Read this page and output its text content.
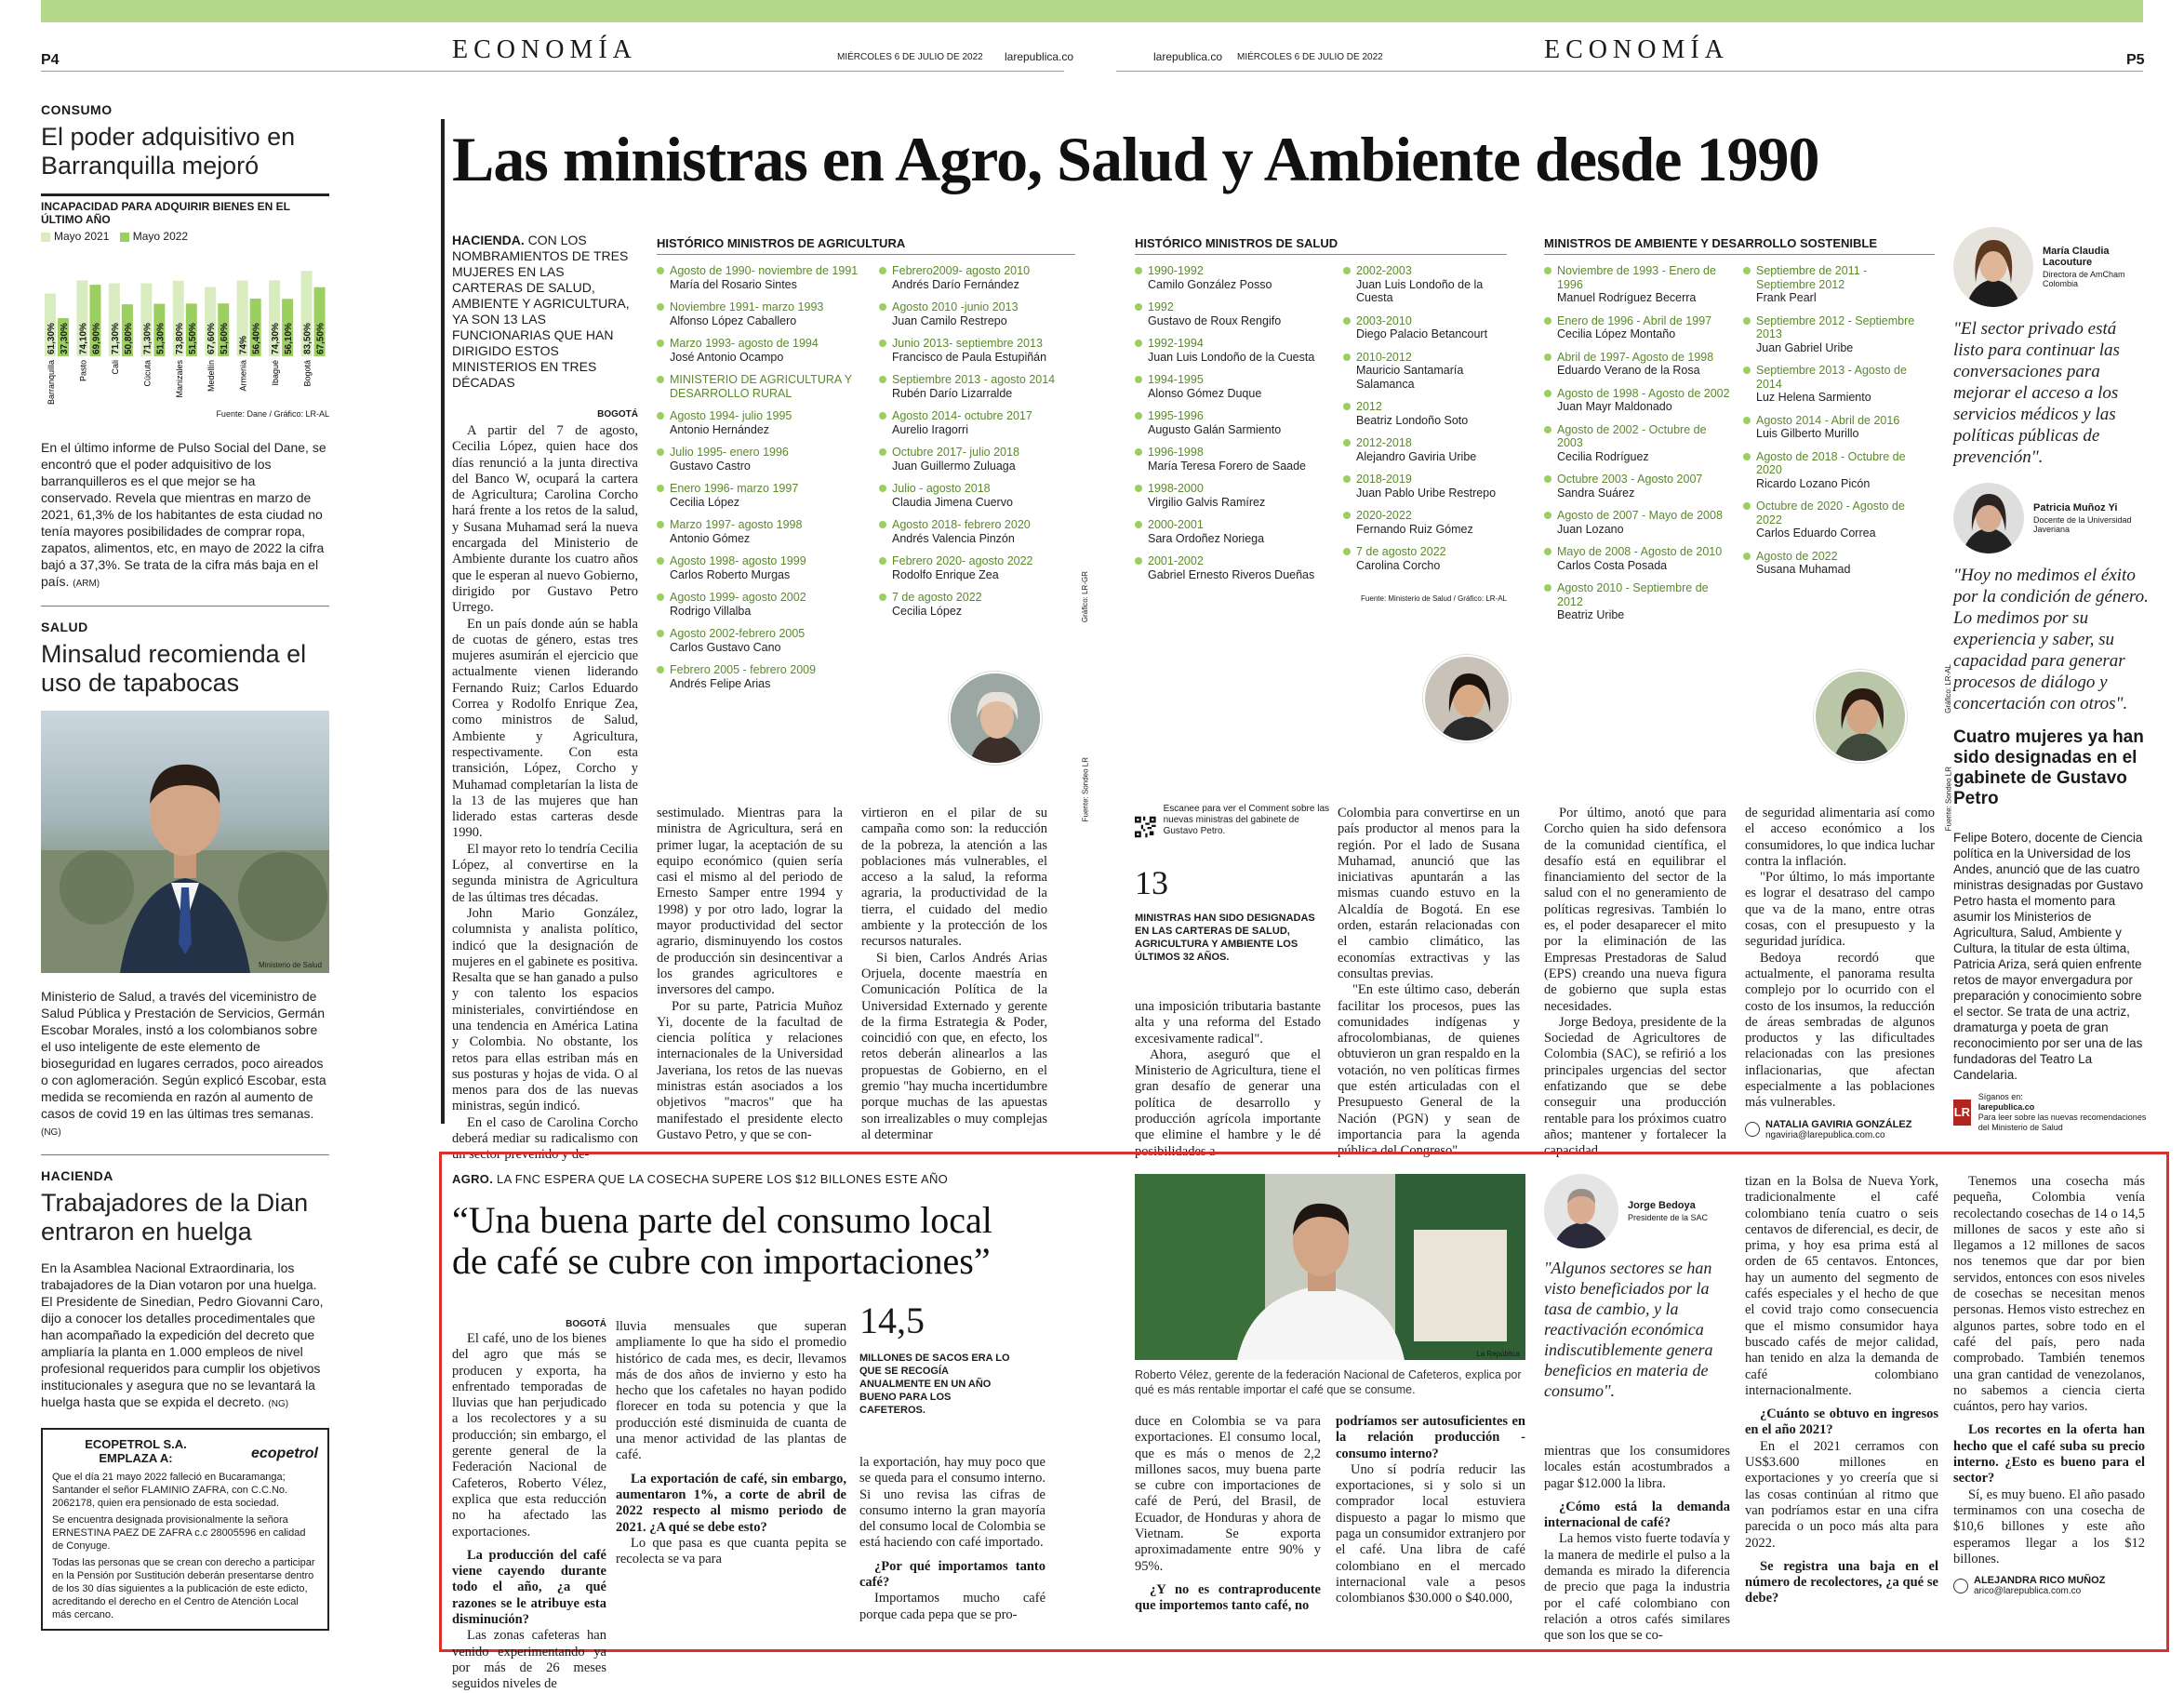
P4	ECONOMÍA	MIÉRCOLES 6 DE JULIO DE 2022 larepublica.co	larepublica.co MIÉRCOLES 6 DE JULIO DE 2022	ECONOMÍA	P5
CONSUMO
El poder adquisitivo en Barranquilla mejoró
INCAPACIDAD PARA ADQUIRIR BIENES EN EL ÚLTIMO AÑO
Mayo 2021 Mayo 2022
61,30% 37,30%
Barranquilla
74,10% 69,90%
Pasto
71,30% 50,80%
Cali
71,30% 51,30%
Cúcuta
73,80% 51,50%
Manizales
67,60% 51,60%
Medellín
74% 56,40%
Armenia
74,30% 56,10%
Ibagué
83,50% 67,50%
Bogotá
Fuente: Dane / Gráfico: LR-AL
En el último informe de Pulso Social del Dane, se encontró que el poder adquisitivo de los barranquilleros es el que mejor se ha conservado. Revela que mientras en marzo de 2021, 61,3% de los habitantes de esta ciudad no tenía mayores posibilidades de comprar ropa, zapatos, alimentos, etc, en mayo de 2022 la cifra bajó a 37,3%. Se trata de la cifra más baja en el país. (ARM)
SALUD
Minsalud recomienda el uso de tapabocas
Ministerio de Salud
Ministerio de Salud, a través del viceministro de Salud Pública y Prestación de Servicios, Germán Escobar Morales, instó a los colombianos sobre el uso inteligente de este elemento de bioseguridad en lugares cerrados, poco aireados o con aglomeración. Según explicó Escobar, esta medida se recomienda en razón al aumento de casos de covid 19 en las últimas tres semanas. (NG)
HACIENDA
Trabajadores de la Dian entraron en huelga
En la Asamblea Nacional Extraordinaria, los trabajadores de la Dian votaron por una huelga. El Presidente de Sinedian, Pedro Giovanni Caro, dijo a conocer los detalles procedimentales que han acompañado la expedición del decreto que ampliaría la planta en 1.000 empleos de nivel profesional requeridos para cumplir los objetivos institucionales y asegura que no se levantará la huelga hasta que se expida el decreto. (NG)
ECOPETROL S.A.
EMPLAZA A:	ecopetrol

Que el día 21 mayo 2022 falleció en Bucaramanga; Santander el señor FLAMINIO ZAFRA, con C.C.No. 2062178, quien era pensionado de esta sociedad.

Se encuentra designada provisionalmente la señora ERNESTINA PAEZ DE ZAFRA c.c 28005596 en calidad de Conyuge.

Todas las personas que se crean con derecho a participar en la Pensión por Sustitución deberán presentarse dentro de los 30 días siguientes a la publicación de este edicto, acreditando el derecho en el Centro de Atención Local más cercano.

Las ministras en Agro, Salud y Ambiente desde 1990
HACIENDA. CON LOS NOMBRAMIENTOS DE TRES MUJERES EN LAS CARTERAS DE SALUD, AMBIENTE Y AGRICULTURA, YA SON 13 LAS FUNCIONARIAS QUE HAN DIRIGIDO ESTOS MINISTERIOS EN TRES DÉCADAS
BOGOTÁ

A partir del 7 de agosto, Cecilia López, quien hace dos días renunció a la junta directiva del Banco W, ocupará la cartera de Agricultura; Carolina Corcho hará frente a los retos de la salud, y Susana Muhamad será la nueva encargada del Ministerio de Ambiente durante los cuatro años que le esperan al nuevo Gobierno, dirigido por Gustavo Petro Urrego.

En un país donde aún se habla de cuotas de género, estas tres mujeres asumirán el ejercicio que actualmente vienen liderando Fernando Ruiz; Carlos Eduardo Correa y Rodolfo Enrique Zea, como ministros de Salud, Ambiente y Agricultura, respectivamente. Con esta transición, López, Corcho y Muhamad completarían la lista de la 13 de las mujeres que han liderado estas carteras desde 1990.

El mayor reto lo tendría Cecilia López, al convertirse en la segunda ministra de Agricultura de las últimas tres décadas.

John Mario González, columnista y analista político, indicó que la designación de mujeres en el gabinete es positiva. Resalta que se han ganado a pulso y con talento los espacios ministeriales, convirtiéndose en una tendencia en América Latina y Colombia. No obstante, los retos para ellas estriban más en sus posturas y hojas de vida. O al menos para dos de las nuevas ministras, según indicó.

En el caso de Carolina Corcho deberá mediar su radicalismo con un sector prevenido y de-

HISTÓRICO MINISTROS DE AGRICULTURA
Agosto de 1990- noviembre de 1991
María del Rosario Sintes
Noviembre 1991- marzo 1993
Alfonso López Caballero
Marzo 1993- agosto de 1994
José Antonio Ocampo
MINISTERIO DE AGRICULTURA Y DESARROLLO RURAL
Agosto 1994- julio 1995
Antonio Hernández
Julio 1995- enero 1996
Gustavo Castro
Enero 1996- marzo 1997
Cecilia López
Marzo 1997- agosto 1998
Antonio Gómez
Agosto 1998- agosto 1999
Carlos Roberto Murgas
Agosto 1999- agosto 2002
Rodrigo Villalba
Agosto 2002-febrero 2005
Carlos Gustavo Cano
Febrero 2005 - febrero 2009
Andrés Felipe Arias
Febrero2009- agosto 2010
Andrés Darío Fernández
Agosto 2010 -junio 2013
Juan Camilo Restrepo
Junio 2013- septiembre 2013
Francisco de Paula Estupiñán
Septiembre 2013 - agosto 2014
Rubén Darío Lizarralde
Agosto 2014- octubre 2017
Aurelio Iragorri
Octubre 2017- julio 2018
Juan Guillermo Zuluaga
Julio - agosto 2018
Claudia Jimena Cuervo
Agosto 2018- febrero 2020
Andrés Valencia Pinzón
Febrero 2020- agosto 2022
Rodolfo Enrique Zea
7 de agosto 2022
Cecilia López
Fuente: Sondeo LR
Gráfico: LR-GR

sestimulado. Mientras para la ministra de Agricultura, será en primer lugar, la aceptación de su equipo económico (quien sería casi el mismo al del periodo de Ernesto Samper entre 1994 y 1998) y por otro lado, lograr la mayor productividad del sector agrario, disminuyendo los costos de producción sin desincentivar a los grandes agricultores e inversores del campo.

Por su parte, Patricia Muñoz Yi, docente de la facultad de ciencia política y relaciones internacionales de la Universidad Javeriana, los retos de las nuevas ministras están asociados a los objetivos "macros" que ha manifestado el presidente electo Gustavo Petro, y que se con-

virtieron en el pilar de su campaña como son: la reducción de la pobreza, la atención a las poblaciones más vulnerables, el acceso a la salud, la reforma agraria, la productividad de la tierra, el cuidado del medio ambiente y la protección de los recursos naturales.

Si bien, Carlos Andrés Arias Orjuela, docente maestría en Comunicación Política de la Universidad Externado y gerente de la firma Estrategia & Poder, coincidió con que, en efecto, los retos deberán alinearlos a las propuestas de Gobierno, en el gremio "hay mucha incertidumbre porque muchas de las apuestas son irrealizables o muy complejas al determinar

HISTÓRICO MINISTROS DE SALUD
1990-1992
Camilo González Posso
1992
Gustavo de Roux Rengifo
1992-1994
Juan Luis Londoño de la Cuesta
1994-1995
Alonso Gómez Duque
1995-1996
Augusto Galán Sarmiento
1996-1998
María Teresa Forero de Saade
1998-2000
Virgilio Galvis Ramírez
2000-2001
Sara Ordoñez Noriega
2001-2002
Gabriel Ernesto Riveros Dueñas
2002-2003
Juan Luis Londoño de la Cuesta
2003-2010
Diego Palacio Betancourt
2010-2012
Mauricio Santamaría Salamanca
2012
Beatriz Londoño Soto
2012-2018
Alejandro Gaviria Uribe
2018-2019
Juan Pablo Uribe Restrepo
2020-2022
Fernando Ruiz Gómez
7 de agosto 2022
Carolina Corcho
Fuente: Ministerio de Salud / Gráfico: LR-AL
MINISTROS DE AMBIENTE Y DESARROLLO SOSTENIBLE
Noviembre de 1993 - Enero de 1996
Manuel Rodríguez Becerra
Enero de 1996 - Abril de 1997
Cecilia López Montaño
Abril de 1997- Agosto de 1998
Eduardo Verano de la Rosa
Agosto de 1998 - Agosto de 2002
Juan Mayr Maldonado
Agosto de 2002 - Octubre de 2003
Cecilia Rodríguez
Octubre 2003 - Agosto 2007
Sandra Suárez
Agosto de 2007 - Mayo de 2008
Juan Lozano
Mayo de 2008 - Agosto de 2010
Carlos Costa Posada
Agosto 2010 - Septiembre de 2012
Beatriz Uribe
Septiembre de 2011 - Septiembre 2012
Frank Pearl
Septiembre 2012 - Septiembre 2013
Juan Gabriel Uribe
Septiembre 2013 - Agosto de 2014
Luz Helena Sarmiento
Agosto 2014 - Abril de 2016
Luis Gilberto Murillo
Agosto de 2018 - Octubre de 2020
Ricardo Lozano Picón
Octubre de 2020 - Agosto de 2022
Carlos Eduardo Correa
Agosto de 2022
Susana Muhamad
Gráfico: LR-AL
Fuente: Sondeo LR
Escanee para ver el Comment sobre las nuevas ministras del gabinete de Gustavo Petro.
13
MINISTRAS HAN SIDO DESIGNADAS EN LAS CARTERAS DE SALUD, AGRICULTURA Y AMBIENTE LOS ÚLTIMOS 32 AÑOS.

una imposición tributaria bastante alta y una reforma del Estado excesivamente radical".

Ahora, aseguró que el Ministerio de Agricultura, tiene el gran desafío de generar una política de desarrollo y producción agrícola importante que elimine el hambre y le dé posibilidades a

Colombia para convertirse en un país productor al menos para la región. Por el lado de Susana Muhamad, anunció que las iniciativas apuntarán a las mismas cuando estuvo en la Alcaldía de Bogotá. En ese orden, estarán relacionadas con el cambio climático, las economías extractivas y las consultas previas.

"En este último caso, deberán facilitar los procesos, pues las comunidades indígenas y afrocolombianas, de quienes obtuvieron un gran respaldo en la votación, no ven políticas firmes que estén articuladas con el Presupuesto General de la Nación (PGN) y sean de importancia para la agenda pública del Congreso".

Por último, anotó que para Corcho quien ha sido defensora de la comunidad científica, el desafío está en equilibrar el financiamiento del sector de la salud con el no generamiento de políticas regresivas. También lo es, el poder desaparecer el mito por la eliminación de las Empresas Prestadoras de Salud (EPS) creando una nueva figura de gobierno que supla estas necesidades.

Jorge Bedoya, presidente de la Sociedad de Agricultores de Colombia (SAC), se refirió a los principales urgencias del sector enfatizando que se debe conseguir una producción rentable para los próximos cuatro años; mantener y fortalecer la capacidad

de seguridad alimentaria así como el acceso económico a los consumidores, lo que indica luchar contra la inflación.

"Por último, lo más importante es lograr el desatraso del campo que va de la mano, entre otras cosas, con el presupuesto y la seguridad jurídica.

Bedoya recordó que actualmente, el panorama resulta complejo por lo ocurrido con el costo de los insumos, la reducción de áreas sembradas de algunos productos y las dificultades relacionadas con las presiones inflacionarias, que afectan especialmente a las poblaciones más vulnerables.

NATALIA GAVIRIA GONZÁLEZ
ngaviria@larepublica.com.co
María Claudia Lacouture
Directora de AmCham Colombia
"El sector privado está listo para continuar las conversaciones para mejorar el acceso a los servicios médicos y las políticas públicas de prevención".
Patricia Muñoz Yi
Docente de la Universidad Javeriana
"Hoy no medimos el éxito por la condición de género. Lo medimos por su experiencia y saber, su capacidad para generar procesos de diálogo y concertación con otros".
Cuatro mujeres ya han sido designadas en el gabinete de Gustavo Petro
Felipe Botero, docente de Ciencia política en la Universidad de los Andes, anunció que de las cuatro ministras designadas por Gustavo Petro hasta el momento para asumir los Ministerios de Agricultura, Salud, Ambiente y Cultura, la titular de esta última, Patricia Ariza, será quien enfrente retos de mayor envergadura por preparación y conocimiento sobre el sector. Se trata de una actriz, dramaturga y poeta de gran reconocimiento por ser una de las fundadoras del Teatro La Candelaria.
LR
Síganos en:
larepublica.co
Para leer sobre las nuevas recomendaciones del Ministerio de Salud
AGRO. LA FNC ESPERA QUE LA COSECHA SUPERE LOS $12 BILLONES ESTE AÑO
“Una buena parte del consumo local de café se cubre con importaciones”
BOGOTÁ

El café, uno de los bienes del agro que más se producen y exporta, ha enfrentado temporadas de lluvias que han perjudicado a los recolectores y a su producción; sin embargo, el gerente general de la Federación Nacional de Cafeteros, Roberto Vélez, explica que esta reducción no ha afectado las exportaciones.

La producción del café viene cayendo durante todo el año, ¿a qué razones se le atribuye esta disminución?

Las zonas cafeteras han venido experimentando ya por más de 26 meses seguidos niveles de

lluvia mensuales que superan ampliamente lo que ha sido el promedio histórico de cada mes, es decir, llevamos más de dos años de invierno y esto ha hecho que los cafetales no hayan podido florecer en toda su potencia y que la producción esté disminuida de cuanta de una menor actividad de las plantas de café.

La exportación de café, sin embargo, aumentaron 1%, a corte de abril de 2022 respecto al mismo periodo de 2021. ¿A qué se debe esto?

Lo que pasa es que cuanta pepita se recolecta se va para

14,5
MILLONES DE SACOS ERA LO QUE SE RECOGÍA ANUALMENTE EN UN AÑO BUENO PARA LOS CAFETEROS.

la exportación, hay muy poco que se queda para el consumo interno. Si uno revisa las cifras de consumo interno la gran mayoría del consumo local de Colombia se está haciendo con café importado.

¿Por qué importamos tanto café?

Importamos mucho café porque cada pepa que se pro-

La República
Roberto Vélez, gerente de la federación Nacional de Cafeteros, explica por qué es más rentable importar el café que se consume.

duce en Colombia se va para exportaciones. El consumo local, que es más o menos de 2,2 millones sacos, muy buena parte se cubre con importaciones de café de Perú, del Brasil, de Ecuador, de Honduras y ahora de Vietnam. Se exporta aproximadamente entre 90% y 95%.

¿Y no es contraproducente que importemos tanto café, no

podríamos ser autosuficientes en la relación producción - consumo interno?

Uno sí podría reducir las exportaciones, si y solo si un comprador local estuviera dispuesto a pagar lo mismo que paga un consumidor extranjero por el café. Una libra de café colombiano en el mercado internacional vale a pesos colombianos $30.000 o $40.000,

Jorge Bedoya
Presidente de la SAC
"Algunos sectores se han visto beneficiados por la tasa de cambio, y la reactivación económica indiscutiblemente genera beneficios en materia de consumo".

mientras que los consumidores locales están acostumbrados a pagar $12.000 la libra.

¿Cómo está la demanda internacional de café?

La hemos visto fuerte todavía y la manera de medirle el pulso a la demanda es mirado la diferencia de precio que paga la industria por el café colombiano con relación a otros cafés similares que son los que se co-

tizan en la Bolsa de Nueva York, tradicionalmente el café colombiano tenía cuatro o seis centavos de diferencial, es decir, de prima, y hoy esa prima está al orden de 65 centavos. Entonces, hay un aumento del segmento de cafés especiales y el hecho de que el covid trajo como consecuencia que el mismo consumidor haya buscado cafés de mejor calidad, han tenido en alza la demanda de café colombiano internacionalmente.

¿Cuánto se obtuvo en ingresos en el año 2021?

En el 2021 cerramos con US$3.600 millones en exportaciones y yo creería que si las cosas continúan al ritmo que van podríamos estar en una cifra parecida o un poco más alta para 2022.

Se registra una baja en el número de recolectores, ¿a qué se debe?

Tenemos una cosecha más pequeña, Colombia venía recolectando cosechas de 14 o 14,5 millones de sacos y este año si llegamos a 12 millones de sacos nos tenemos que dar por bien servidos, entonces con esos niveles de cosechas se necesitan menos personas. Hemos visto estrechez en algunos partes, sobre todo en el café del país, pero nada comprobado. También tenemos una gran cantidad de venezolanos, no sabemos a ciencia cierta cuántos, pero hay varios.

Los recortes en la oferta han hecho que el café suba su precio interno. ¿Esto es bueno para el sector?

Sí, es muy bueno. El año pasado terminamos con una cosecha de $10,6 billones y este año esperamos llegar a los $12 billones.

ALEJANDRA RICO MUÑOZ
arico@larepublica.com.co
